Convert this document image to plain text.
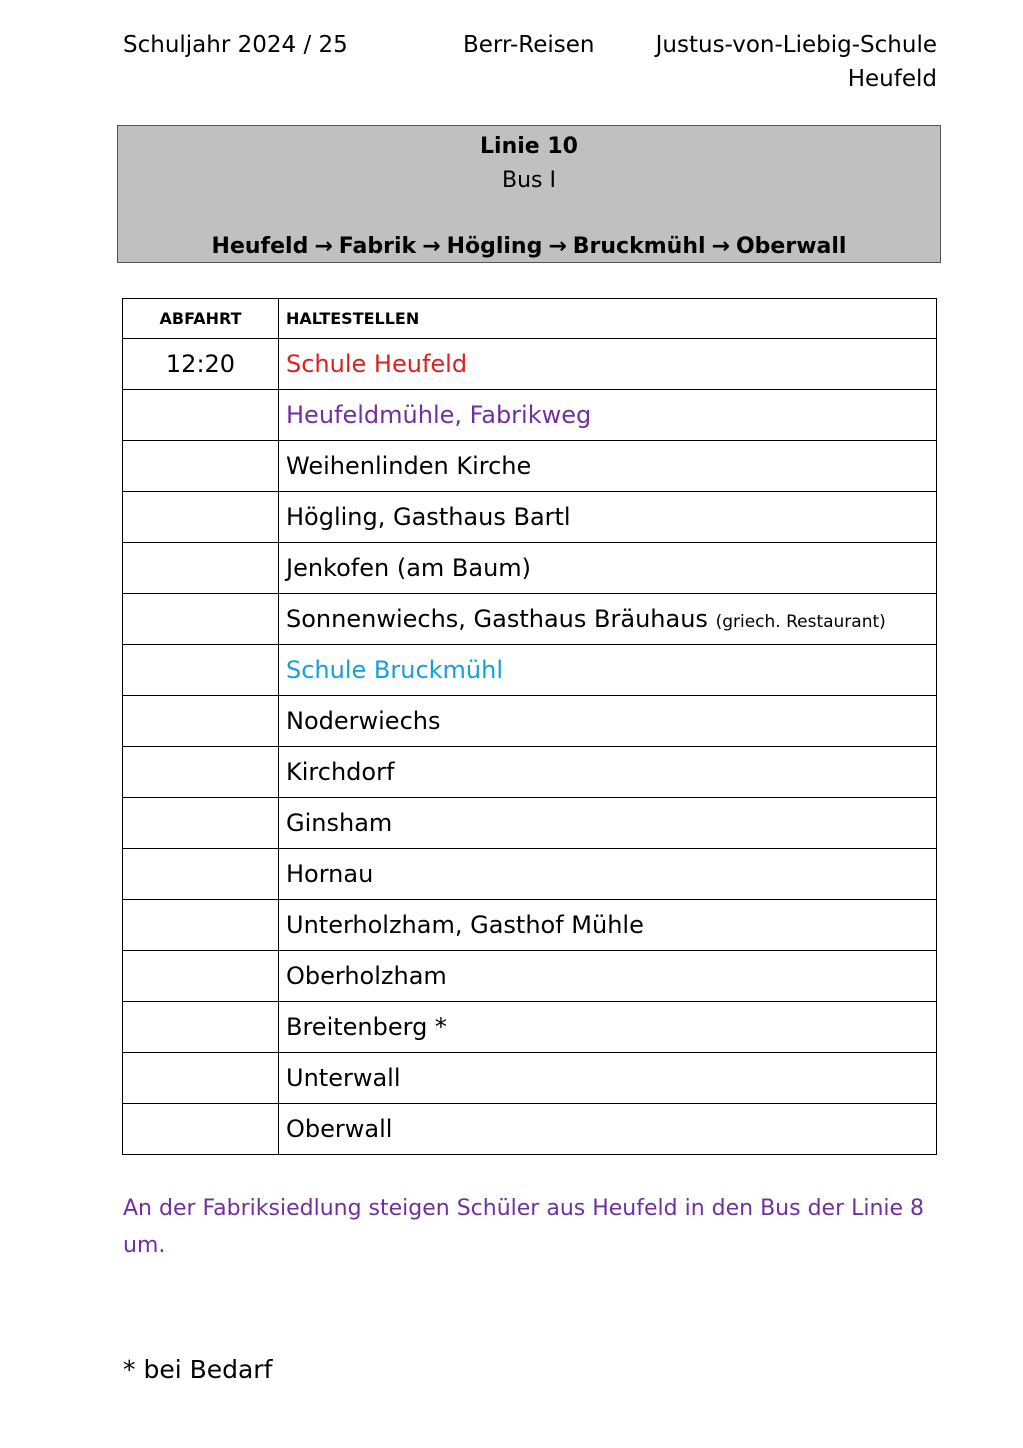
Schuljahr 2024 / 25	Berr-Reisen	Justus-von-Liebig-Schule
Heufeld
Linie 10
Bus I
Heufeld → Fabrik → Högling → Bruckmühl → Oberwall
ABFAHRT	HALTESTELLEN
12:20	Schule Heufeld
	Heufeldmühle, Fabrikweg
	Weihenlinden Kirche
	Högling, Gasthaus Bartl
	Jenkofen (am Baum)
	Sonnenwiechs, Gasthaus Bräuhaus (griech. Restaurant)
	Schule Bruckmühl
	Noderwiechs
	Kirchdorf
	Ginsham
	Hornau
	Unterholzham, Gasthof Mühle
	Oberholzham
	Breitenberg *
	Unterwall
	Oberwall
An der Fabriksiedlung steigen Schüler aus Heufeld in den Bus der Linie 8 um.
* bei Bedarf
